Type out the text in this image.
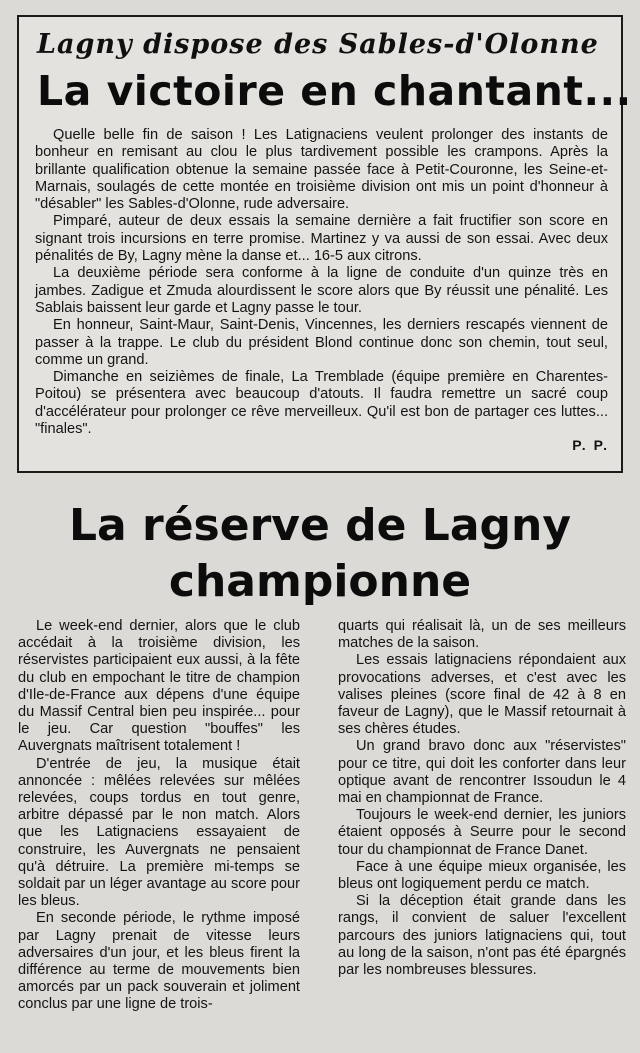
Lagny dispose des Sables-d'Olonne
La victoire en chantant...

Quelle belle fin de saison ! Les Latignaciens veulent prolonger des instants de bonheur en remisant au clou le plus tardivement possible les crampons. Après la brillante qualification obtenue la semaine passée face à Petit-Couronne, les Seine-et-Marnais, soulagés de cette montée en troisième division ont mis un point d'honneur à "désabler" les Sables-d'Olonne, rude adversaire.

Pimparé, auteur de deux essais la semaine dernière a fait fructifier son score en signant trois incursions en terre promise. Martinez y va aussi de son essai. Avec deux pénalités de By, Lagny mène la danse et... 16-5 aux citrons.

La deuxième période sera conforme à la ligne de conduite d'un quinze très en jambes. Zadigue et Zmuda alourdissent le score alors que By réussit une pénalité. Les Sablais baissent leur garde et Lagny passe le tour.

En honneur, Saint-Maur, Saint-Denis, Vincennes, les derniers rescapés viennent de passer à la trappe. Le club du président Blond continue donc son chemin, tout seul, comme un grand.

Dimanche en seizièmes de finale, La Tremblade (équipe première en Charentes-Poitou) se présentera avec beaucoup d'atouts. Il faudra remettre un sacré coup d'accélérateur pour prolonger ce rêve merveilleux. Qu'il est bon de partager ces luttes... "finales".

P. P.
La réserve de Lagny championne

Le week-end dernier, alors que le club accédait à la troisième division, les réservistes participaient eux aussi, à la fête du club en empochant le titre de champion d'Ile-de-France aux dépens d'une équipe du Massif Central bien peu inspirée... pour le jeu. Car question "bouffes" les Auvergnats maîtrisent totalement !

D'entrée de jeu, la musique était annoncée : mêlées relevées sur mêlées relevées, coups tordus en tout genre, arbitre dépassé par le non match. Alors que les Latignaciens essayaient de construire, les Auvergnats ne pensaient qu'à détruire. La première mi-temps se soldait par un léger avantage au score pour les bleus.

En seconde période, le rythme imposé par Lagny prenait de vitesse leurs adversaires d'un jour, et les bleus firent la différence au terme de mouvements bien amorcés par un pack souverain et joliment conclus par une ligne de trois-

quarts qui réalisait là, un de ses meilleurs matches de la saison.

Les essais latignaciens répondaient aux provocations adverses, et c'est avec les valises pleines (score final de 42 à 8 en faveur de Lagny), que le Massif retournait à ses chères études.

Un grand bravo donc aux "réservistes" pour ce titre, qui doit les conforter dans leur optique avant de rencontrer Issoudun le 4 mai en championnat de France.

Toujours le week-end dernier, les juniors étaient opposés à Seurre pour le second tour du championnat de France Danet.

Face à une équipe mieux organisée, les bleus ont logiquement perdu ce match.

Si la déception était grande dans les rangs, il convient de saluer l'excellent parcours des juniors latignaciens qui, tout au long de la saison, n'ont pas été épargnés par les nombreuses blessures.
